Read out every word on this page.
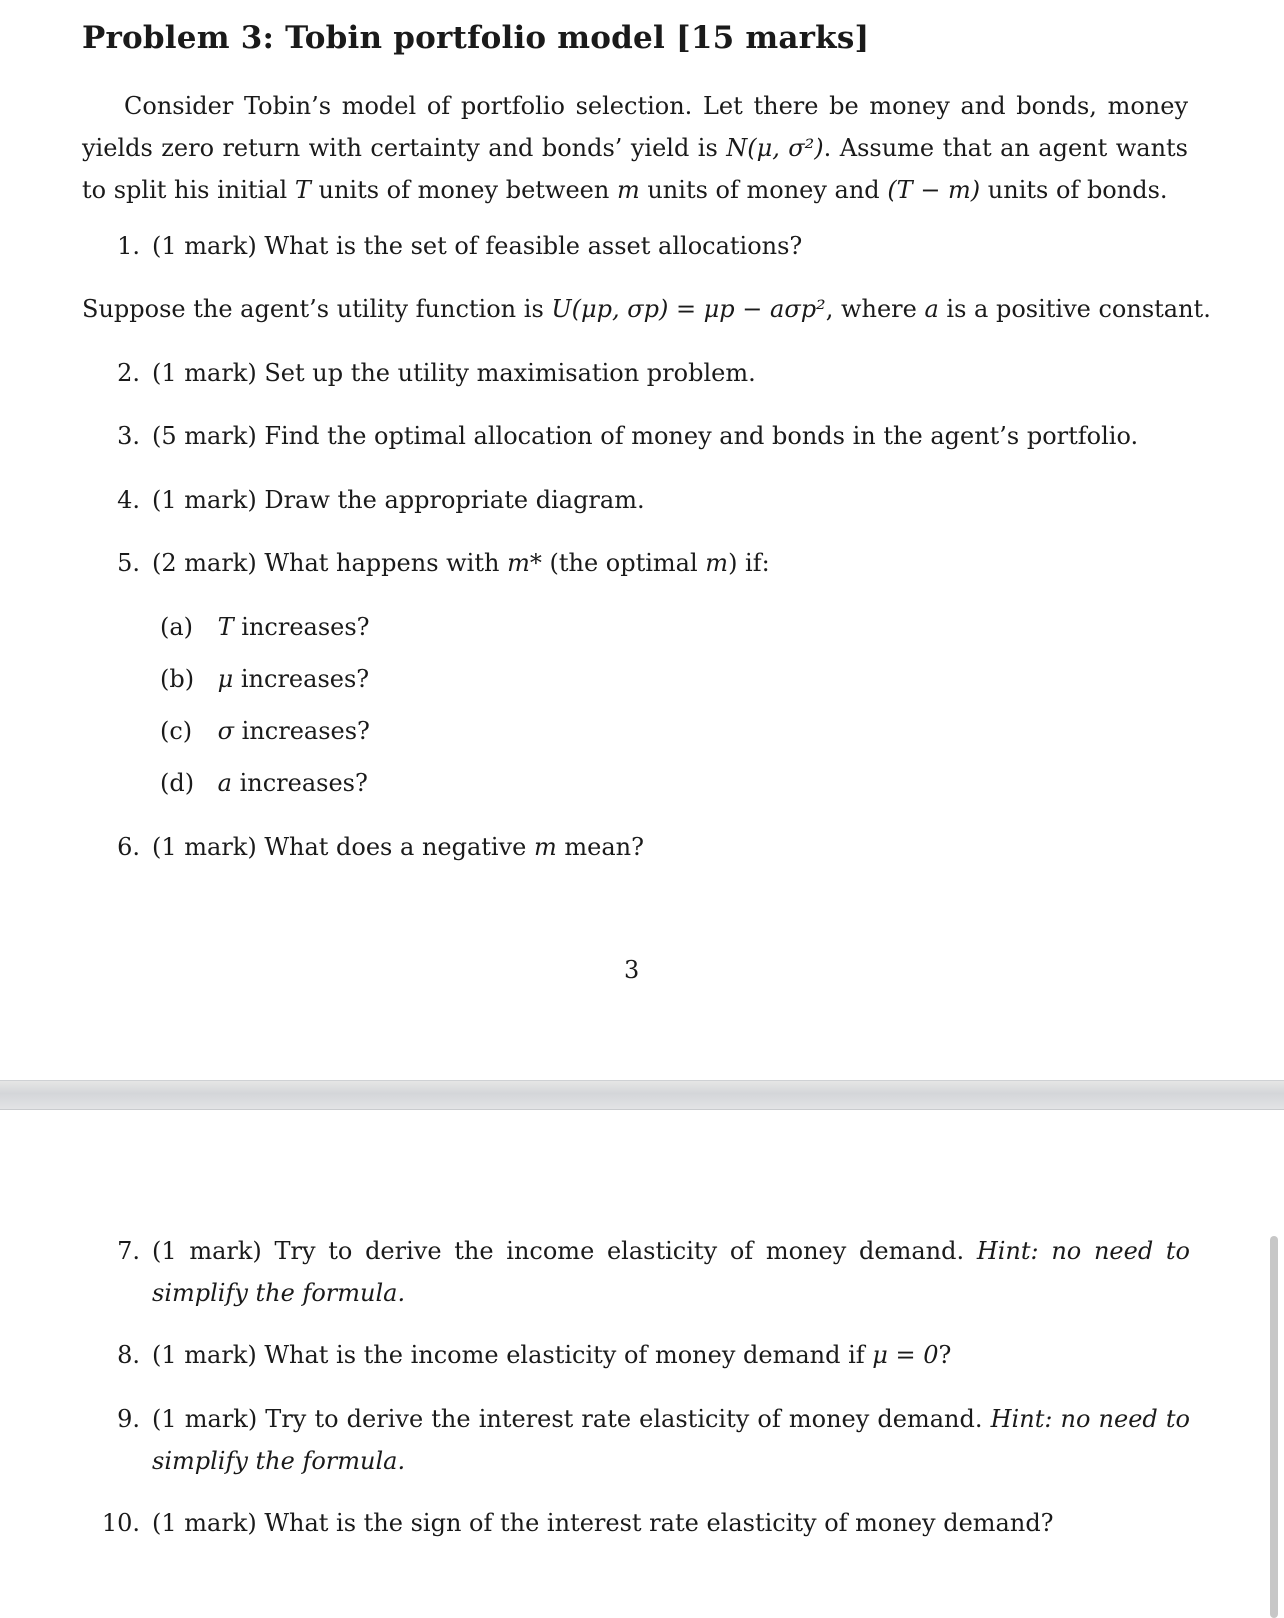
Problem 3: Tobin portfolio model [15 marks]

Consider Tobin’s model of portfolio selection. Let there be money and bonds, money yields zero return with certainty and bonds’ yield is N(μ, σ²). Assume that an agent wants to split his initial T units of money between m units of money and (T − m) units of bonds.

1. (1 mark) What is the set of feasible asset allocations?

Suppose the agent’s utility function is U(μp, σp) = μp − aσp², where a is a positive constant.

2. (1 mark) Set up the utility maximisation problem.
3. (5 mark) Find the optimal allocation of money and bonds in the agent’s portfolio.
4. (1 mark) Draw the appropriate diagram.
5. (2 mark) What happens with m* (the optimal m) if:
(a) T increases?
(b) μ increases?
(c) σ increases?
(d) a increases?
6. (1 mark) What does a negative m mean?
3
7. (1 mark) Try to derive the income elasticity of money demand. Hint: no need to simplify the formula.
8. (1 mark) What is the income elasticity of money demand if μ = 0?
9. (1 mark) Try to derive the interest rate elasticity of money demand. Hint: no need to simplify the formula.
10. (1 mark) What is the sign of the interest rate elasticity of money demand?
